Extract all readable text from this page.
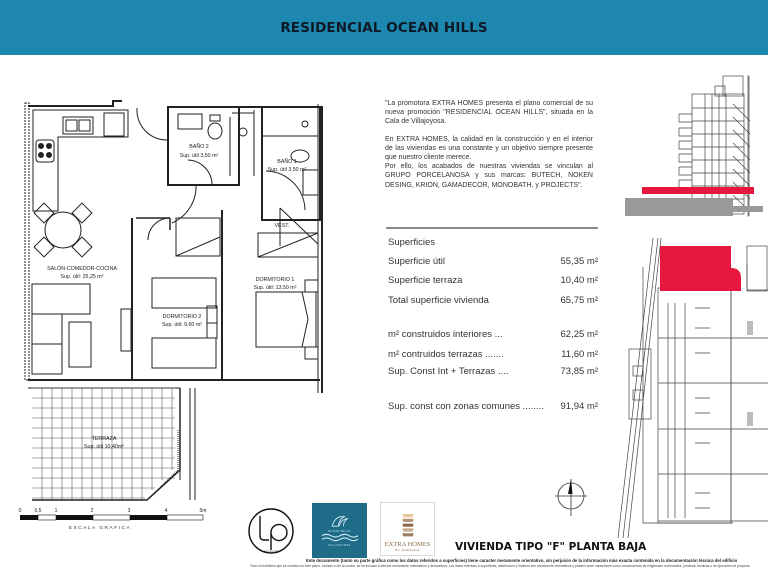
RESIDENCIAL OCEAN HILLS
BAÑO 2
Sup. útil 3,50 m²
BAÑO 1
Sup. útil 3,50 m²
VEST.
SALÓN-COMEDOR-COCINA
Sup. útil: 25,25 m²	DORMITORIO 1
Sup. útil: 13,50 m²
DORMITORIO 2
Sup. útil: 9,60 m²
TERRAZA
Sup. útil 10,40m²
0	0,5	1	2	3	4	5m
ESCALA GRAFICA

"La promotora EXTRA HOMES presenta el plano comercial de su nueva promoción "RESIDENCIAL OCEAN HILLS", situada en la Cala de Villajoyosa.

En EXTRA HOMES, la calidad en la construcción y en el interior de las viviendas es una constante y un objetivo siempre presente que nuestro cliente merece.

Por ello, los acabados de nuestras viviendas se vinculan al GRUPO PORCELANOSA y sus marcas: BUTECH, NOKEN DESING, KRION, GAMADECOR, MONOBATH, y PROJECTS".

Superficies
Superficie útil	55,35 m²
Superficie terraza	10,40 m²
Total superficie vivienda	65,75 m²
m² construidos interiores ...	62,25 m²
m² contruidos terrazas .......	11,60 m²
Sup. Const Int + Terrazas ....	73,85 m²
Sup. const con zonas comunes ........ 91,94 m²
ARQUITECTURA
OCEAN HILLS
VILLAJOYOSA	EXTRA HOMES
BY QUESADA	VIVIENDA TIPO "F" PLANTA BAJA
Este documento (tanto su parte gráfica como los datos referidos a superficies) tiene caracter meramente orientativo, sin perjuicio de la información más exacta contenida en la documentación técnica del edificio
Todo el mobiliario que se muestra en este plano, incluido el de la cocina, se ha incluido a efectos meramente orientativos y decorativos. Los datos referidos a superficies, distribución y linderos son meramente orientativos y pueden sufrir variaciones como consecuencia de exigencias comerciales, jurídicas, técnicas o de ejecución de proyecto
